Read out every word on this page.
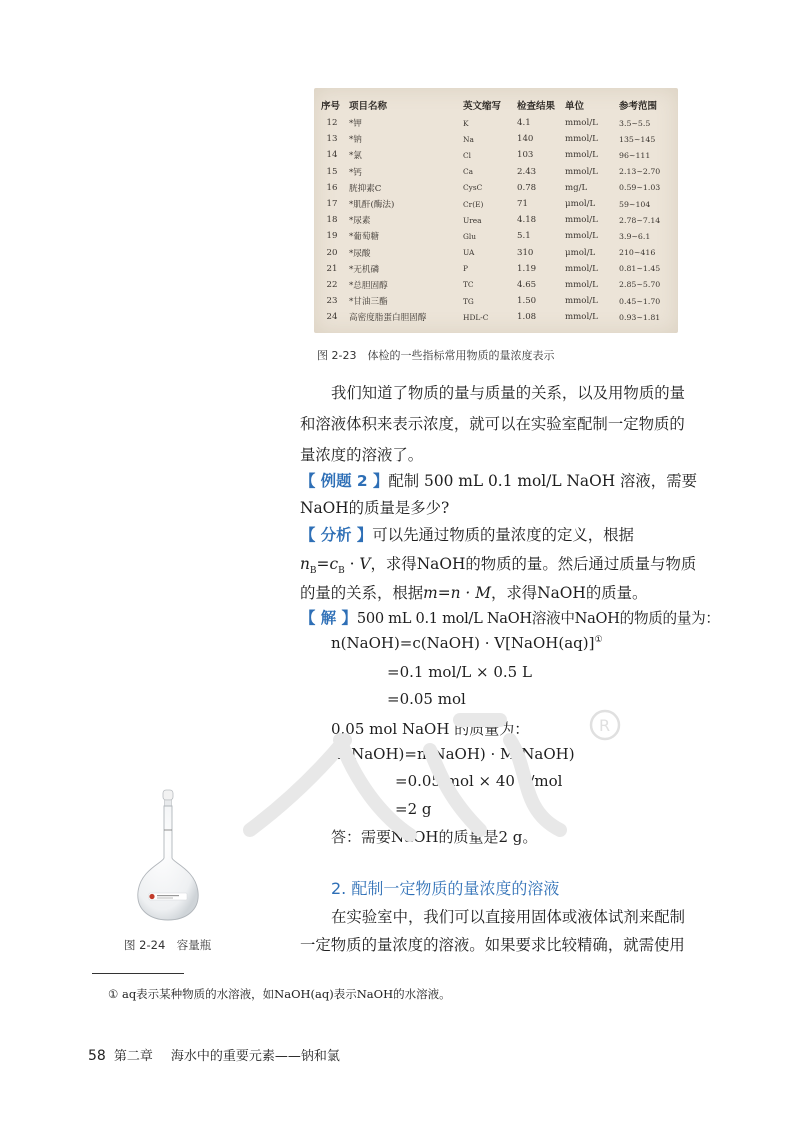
序号	项目名称	英文缩写	检查结果	单位	参考范围
12	*钾	K	4.1	mmol/L	3.5~5.5
13	*钠	Na	140	mmol/L	135~145
14	*氯	Cl	103	mmol/L	96~111
15	*钙	Ca	2.43	mmol/L	2.13~2.70
16	胱抑素C	CysC	0.78	mg/L	0.59~1.03
17	*肌酐(酶法)	Cr(E)	71	μmol/L	59~104
18	*尿素	Urea	4.18	mmol/L	2.78~7.14
19	*葡萄糖	Glu	5.1	mmol/L	3.9~6.1
20	*尿酸	UA	310	μmol/L	210~416
21	*无机磷	P	1.19	mmol/L	0.81~1.45
22	*总胆固醇	TC	4.65	mmol/L	2.85~5.70
23	*甘油三酯	TG	1.50	mmol/L	0.45~1.70
24	高密度脂蛋白胆固醇	HDL-C	1.08	mmol/L	0.93~1.81
图 2-23　体检的一些指标常用物质的量浓度表示
我们知道了物质的量与质量的关系，以及用物质的量
和溶液体积来表示浓度，就可以在实验室配制一定物质的
量浓度的溶液了。
【 例题 2 】配制 500 mL 0.1 mol/L NaOH 溶液，需要
NaOH的质量是多少?
【 分析 】可以先通过物质的量浓度的定义，根据
$n_B=c_B \cdot V$，求得NaOH的物质的量。然后通过质量与物质
的量的关系，根据m=n · M，求得NaOH的质量。
【 解 】500 mL 0.1 mol/L NaOH溶液中NaOH的物质的量为：
n(NaOH)=c(NaOH) · V[NaOH(aq)]①
=0.1 mol/L × 0.5 L
=0.05 mol
0.05 mol NaOH 的质量为：
m(NaOH)=n(NaOH) · M(NaOH)
=0.05 mol × 40 g/mol
=2 g
答：需要NaOH的质量是2 g。
R
图 2-24　容量瓶
2. 配制一定物质的量浓度的溶液
在实验室中，我们可以直接用固体或液体试剂来配制
一定物质的量浓度的溶液。如果要求比较精确，就需使用
① aq表示某种物质的水溶液，如NaOH(aq)表示NaOH的水溶液。
58 第二章 海水中的重要元素——钠和氯
